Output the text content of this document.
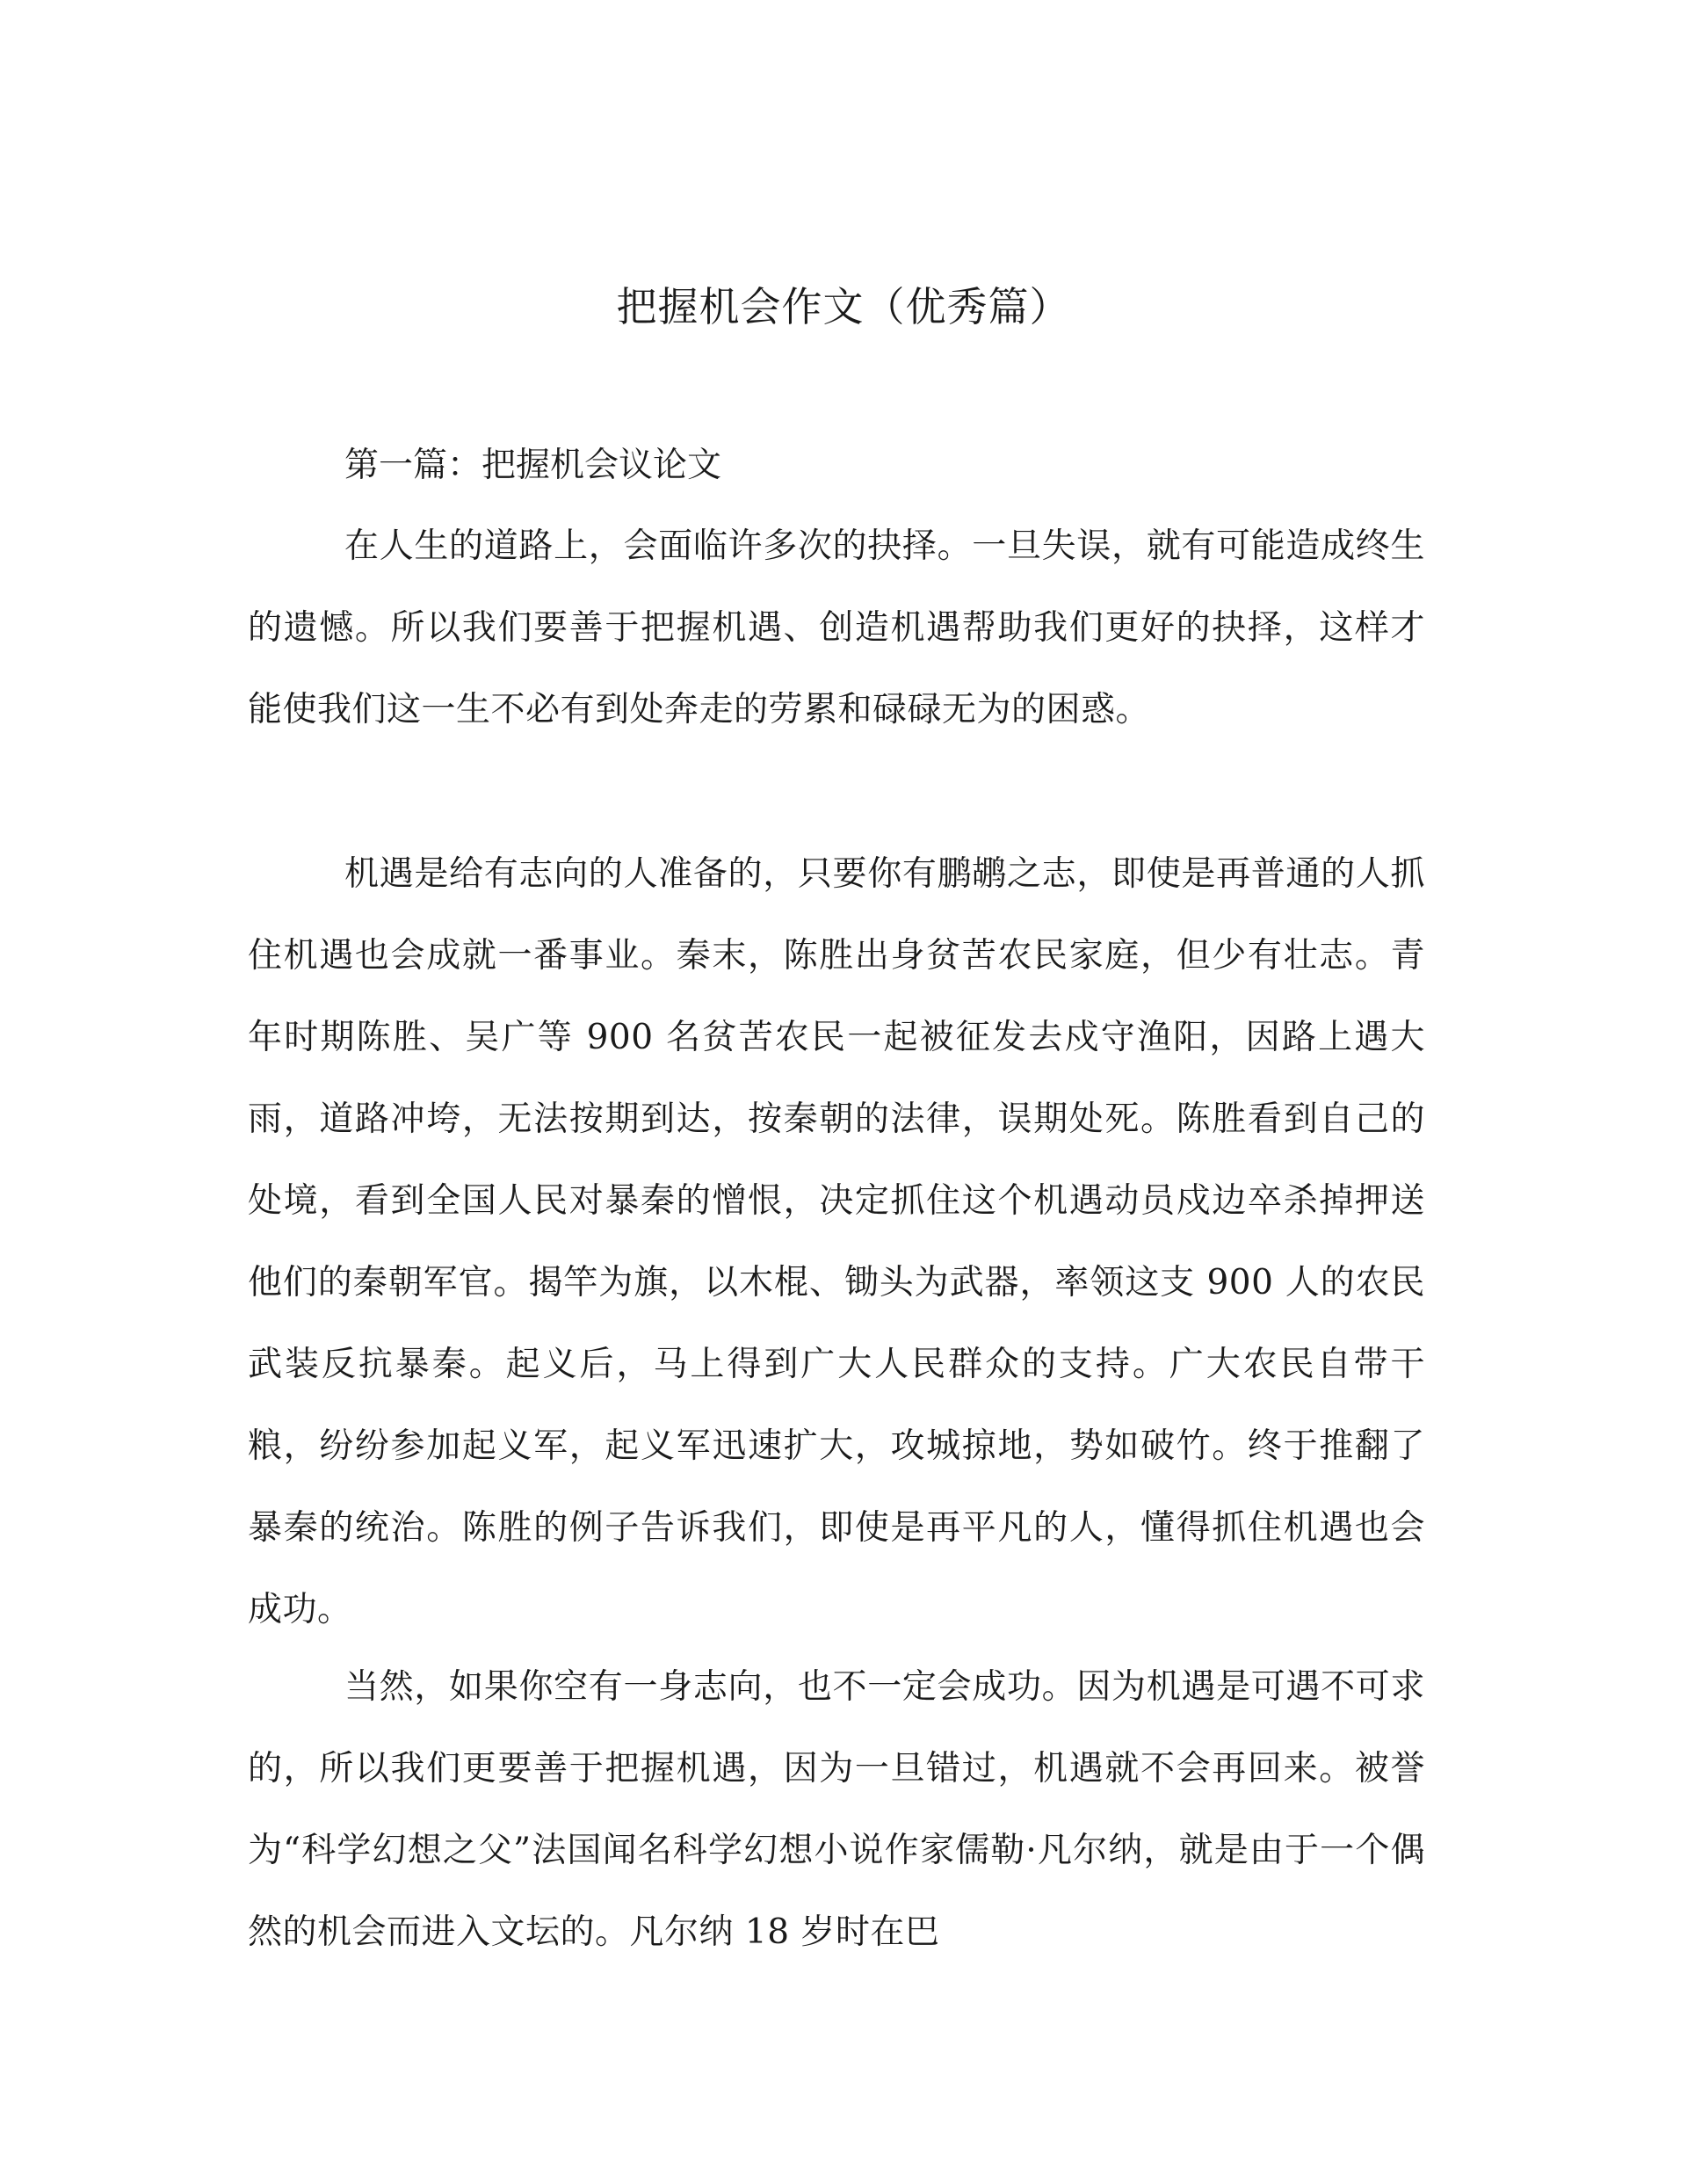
把握机会作文（优秀篇）

第一篇：把握机会议论文

在人生的道路上，会面临许多次的抉择。一旦失误，就有可能造成终生的遗憾。所以我们要善于把握机遇、创造机遇帮助我们更好的抉择，这样才能使我们这一生不必有到处奔走的劳累和碌碌无为的困惑。

机遇是给有志向的人准备的，只要你有鹏鹕之志，即使是再普通的人抓住机遇也会成就一番事业。秦末，陈胜出身贫苦农民家庭，但少有壮志。青年时期陈胜、吴广等 900 名贫苦农民一起被征发去戍守渔阳，因路上遇大雨，道路冲垮，无法按期到达，按秦朝的法律，误期处死。陈胜看到自己的处境，看到全国人民对暴秦的憎恨，决定抓住这个机遇动员戍边卒杀掉押送他们的秦朝军官。揭竿为旗，以木棍、锄头为武器，率领这支 900 人的农民武装反抗暴秦。起义后，马上得到广大人民群众的支持。广大农民自带干粮，纷纷参加起义军，起义军迅速扩大，攻城掠地，势如破竹。终于推翻了暴秦的统治。陈胜的例子告诉我们，即使是再平凡的人，懂得抓住机遇也会成功。

当然，如果你空有一身志向，也不一定会成功。因为机遇是可遇不可求的，所以我们更要善于把握机遇，因为一旦错过，机遇就不会再回来。被誉为“科学幻想之父”法国闻名科学幻想小说作家儒勒·凡尔纳，就是由于一个偶然的机会而进入文坛的。凡尔纳 18 岁时在巴
